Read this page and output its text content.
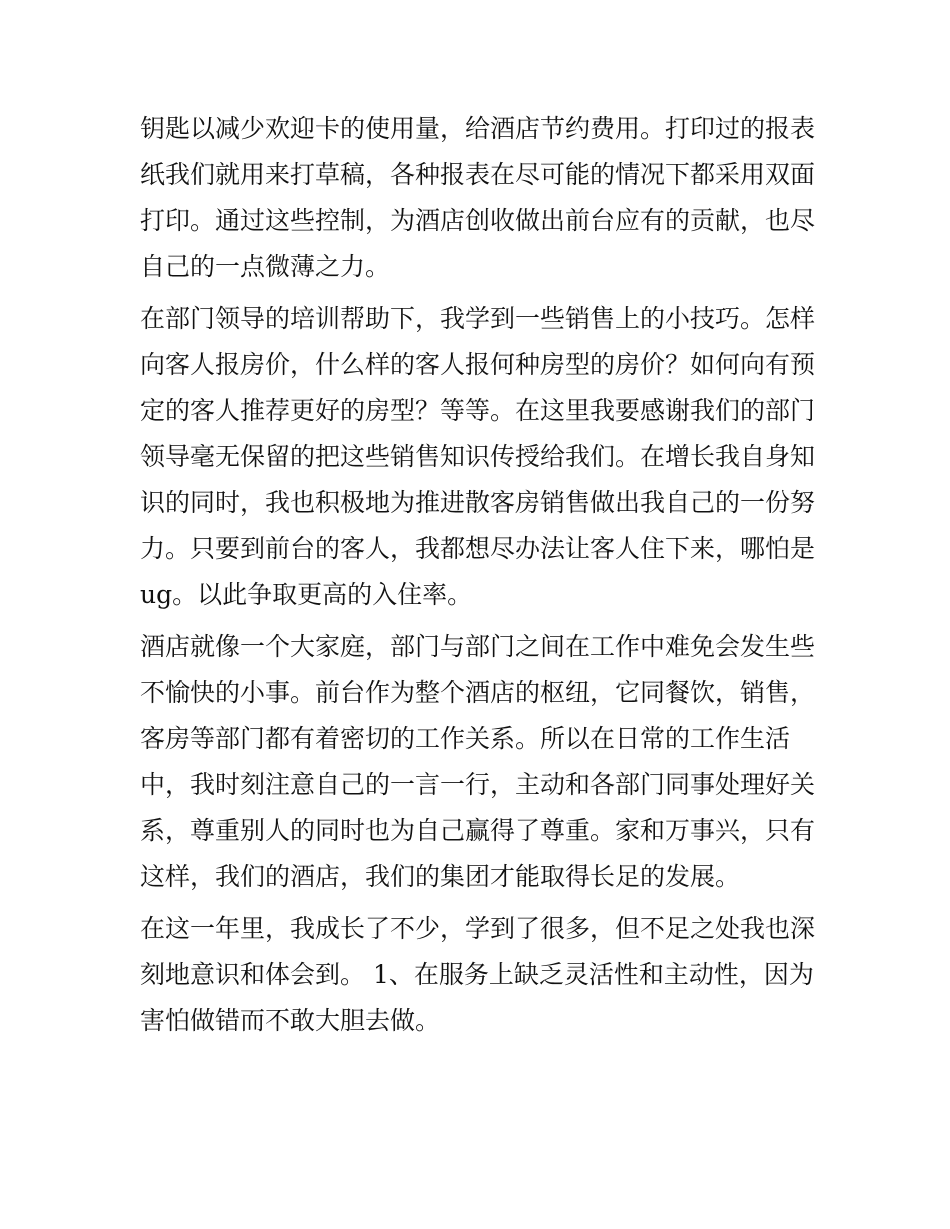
钥匙以减少欢迎卡的使用量，给酒店节约费用。打印过的报表
纸我们就用来打草稿，各种报表在尽可能的情况下都采用双面
打印。通过这些控制，为酒店创收做出前台应有的贡献，也尽
自己的一点微薄之力。
在部门领导的培训帮助下，我学到一些销售上的小技巧。怎样
向客人报房价，什么样的客人报何种房型的房价？如何向有预
定的客人推荐更好的房型？等等。在这里我要感谢我们的部门
领导毫无保留的把这些销售知识传授给我们。在增长我自身知
识的同时，我也积极地为推进散客房销售做出我自己的一份努
力。只要到前台的客人，我都想尽办法让客人住下来，哪怕是
ug。以此争取更高的入住率。
酒店就像一个大家庭，部门与部门之间在工作中难免会发生些
不愉快的小事。前台作为整个酒店的枢纽，它同餐饮，销售，
客房等部门都有着密切的工作关系。所以在日常的工作生活
中，我时刻注意自己的一言一行，主动和各部门同事处理好关
系，尊重别人的同时也为自己赢得了尊重。家和万事兴，只有
这样，我们的酒店，我们的集团才能取得长足的发展。
在这一年里，我成长了不少，学到了很多，但不足之处我也深
刻地意识和体会到。 1、在服务上缺乏灵活性和主动性，因为
害怕做错而不敢大胆去做。
